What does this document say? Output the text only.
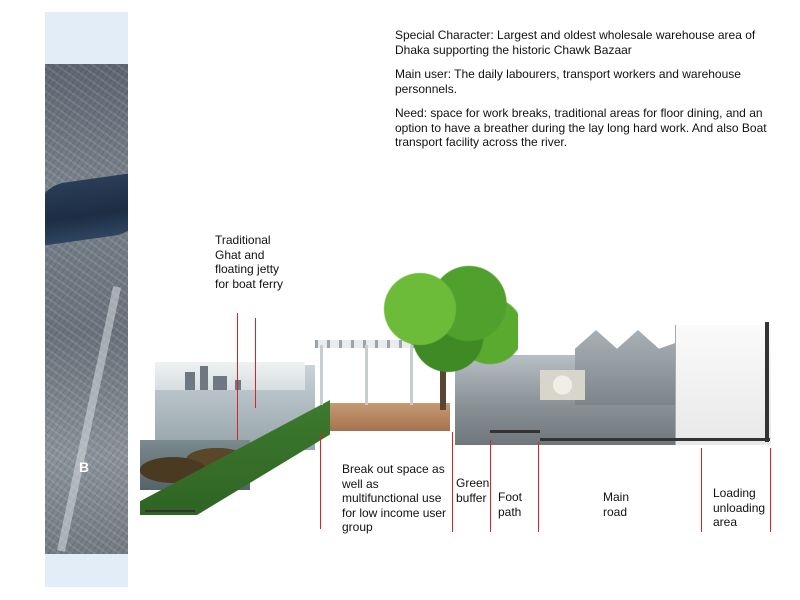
B

Special Character: Largest and oldest wholesale warehouse area of Dhaka supporting the historic Chawk Bazaar

Main user: The daily labourers, transport workers and warehouse personnels.

Need: space for work breaks, traditional areas for floor dining, and an option to have a breather during the lay long hard work. And also Boat transport facility across the river.

Traditional Ghat and floating jetty for boat ferry
Break out space as well as multifunctional use for low income user group
Green buffer Foot path
Main road
Loading unloading area
